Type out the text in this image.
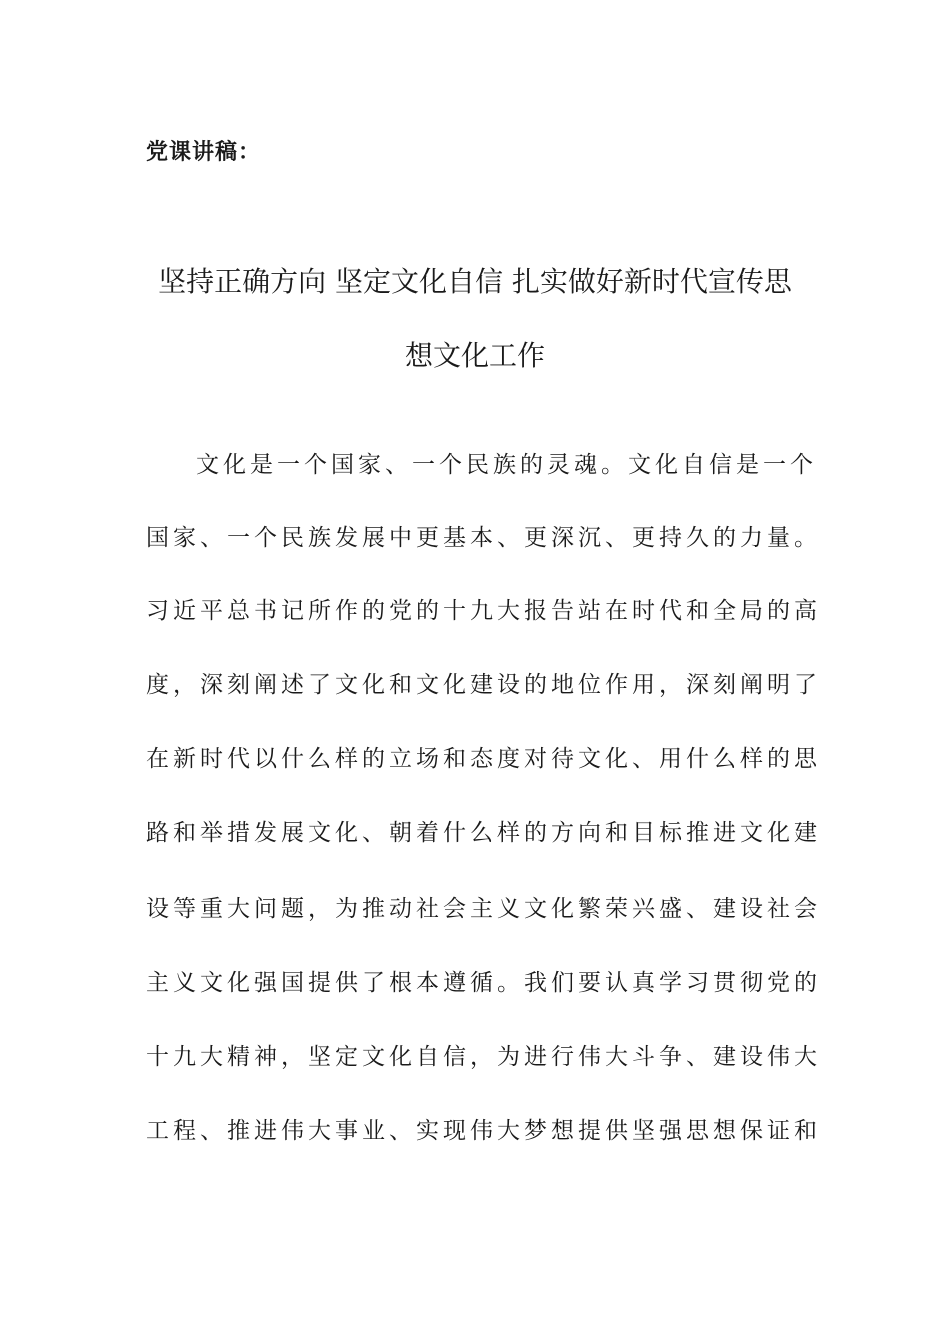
党课讲稿：
坚持正确方向 坚定文化自信 扎实做好新时代宣传思
想文化工作
文化是一个国家、一个民族的灵魂。文化自信是一个
国家、一个民族发展中更基本、更深沉、更持久的力量。
习近平总书记所作的党的十九大报告站在时代和全局的高
度，深刻阐述了文化和文化建设的地位作用，深刻阐明了
在新时代以什么样的立场和态度对待文化、用什么样的思
路和举措发展文化、朝着什么样的方向和目标推进文化建
设等重大问题，为推动社会主义文化繁荣兴盛、建设社会
主义文化强国提供了根本遵循。我们要认真学习贯彻党的
十九大精神，坚定文化自信，为进行伟大斗争、建设伟大
工程、推进伟大事业、实现伟大梦想提供坚强思想保证和
